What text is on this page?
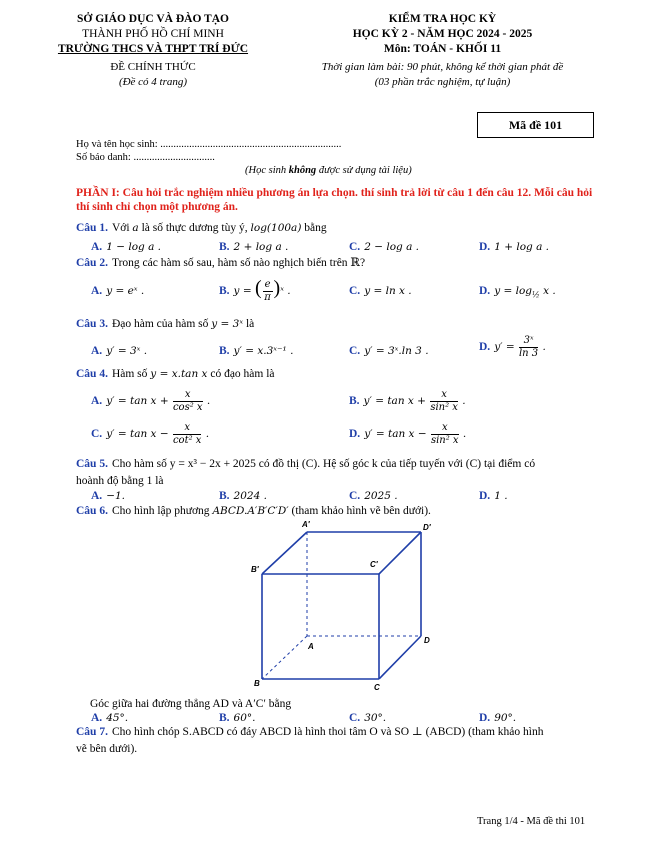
SỞ GIÁO DỤC VÀ ĐÀO TẠO
THÀNH PHỐ HỒ CHÍ MINH
TRƯỜNG THCS VÀ THPT TRÍ ĐỨC
ĐỀ CHÍNH THỨC
(Đề có 4 trang)
KIỂM TRA HỌC KỲ
HỌC KỲ 2 - NĂM HỌC 2024 - 2025
Môn: TOÁN - KHỐI 11
Thời gian làm bài: 90 phút, không kể thời gian phát đề
(03 phần trắc nghiệm, tự luận)
Mã đề 101
Họ và tên học sinh: .....................................................................
Số báo danh: ...............................
(Học sinh không được sử dụng tài liệu)
PHẦN I: Câu hỏi trắc nghiệm nhiều phương án lựa chọn. thí sinh trả lời từ câu 1 đến câu 12. Mỗi câu hỏi thí sinh chỉ chọn một phương án.
Câu 1. Với a là số thực dương tùy ý, log(100a) bằng
A. 1 − log a .	B. 2 + log a .	C. 2 − log a .	D. 1 + log a .
Câu 2. Trong các hàm số sau, hàm số nào nghịch biến trên ℝ?
A. y = eˣ .	B. y = ( $\frac{e}{\pi}$ )ˣ .	C. y = ln x .	D. $y = \log_{\frac{1}{2}} x$ .
Câu 3. Đạo hàm của hàm số y = 3ˣ là
A. y′ = 3ˣ .	B. y′ = x.3ˣ⁻¹ .	C. y′ = 3ˣ.ln 3 .	D. $y' = \frac{\text{3ˣ}}{\ln 3}$ .
Câu 4. Hàm số y = x.tan x có đạo hàm là
A. $y' = \tan x + \frac{x}{\text{cos² x}}$ .	B. $y' = \tan x + \frac{x}{\text{sin² x}}$ .
C. $y' = \tan x - \frac{x}{\text{cot² x}}$ .	D. $y' = \tan x - \frac{x}{\text{sin² x}}$ .
Câu 5. Cho hàm số y = x³ − 2x + 2025 có đồ thị (C). Hệ số góc k của tiếp tuyến với (C) tại điểm có
hoành độ bằng 1 là
A. −1.	B. 2024 .	C. 2025 .	D. 1 .
Câu 6. Cho hình lập phương ABCD.A′B′C′D′ (tham khảo hình vẽ bên dưới).
A′	D′
B′
C′
A
D
B	C
Góc giữa hai đường thẳng AD và A′C′ bằng
A. 45°.	B. 60°.	C. 30°.	D. 90°.
Câu 7. Cho hình chóp S.ABCD có đáy ABCD là hình thoi tâm O và SO ⊥ (ABCD) (tham khảo hình
vẽ bên dưới).
Trang 1/4 - Mã đề thi 101
